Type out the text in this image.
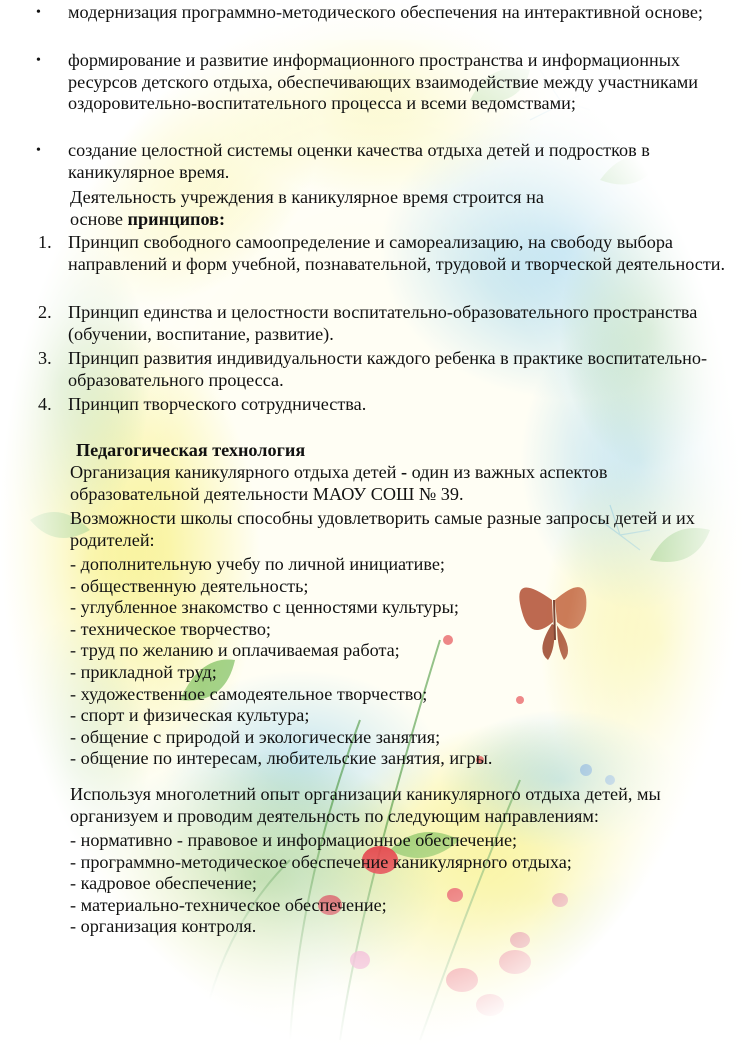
• модернизация программно-методического обеспечения на интерактивной основе;
• формирование и развитие информационного пространства и информационных ресурсов детского отдыха, обеспечивающих взаимодействие между участниками оздоровительно-воспитательного процесса и всеми ведомствами;
• создание целостной системы оценки качества отдыха детей и подростков в каникулярное время.
Деятельность учреждения в каникулярное время строится на
основе принципов:
1. Принцип свободного самоопределение и самореализацию, на свободу выбора направлений и форм учебной, познавательной, трудовой и творческой деятельности.
2. Принцип единства и целостности воспитательно-образовательного пространства (обучении, воспитание, развитие).
3. Принцип развития индивидуальности каждого ребенка в практике воспитательно-образовательного процесса.
4. Принцип творческого сотрудничества.
Педагогическая технология
Организация каникулярного отдыха детей - один из важных аспектов образовательной деятельности МАОУ СОШ № 39.
Возможности школы способны удовлетворить самые разные запросы детей и их родителей:
- дополнительную учебу по личной инициативе;
- общественную деятельность;
- углубленное знакомство с ценностями культуры;
- техническое творчество;
- труд по желанию и оплачиваемая работа;
- прикладной труд;
- художественное самодеятельное творчество;
- спорт и физическая культура;
- общение с природой и экологические занятия;
- общение по интересам, любительские занятия, игры.
Используя многолетний опыт организации каникулярного отдыха детей, мы организуем и проводим деятельность по следующим направлениям:
- нормативно - правовое и информационное обеспечение;
- программно-методическое обеспечение каникулярного отдыха;
- кадровое обеспечение;
- материально-техническое обеспечение;
- организация контроля.
